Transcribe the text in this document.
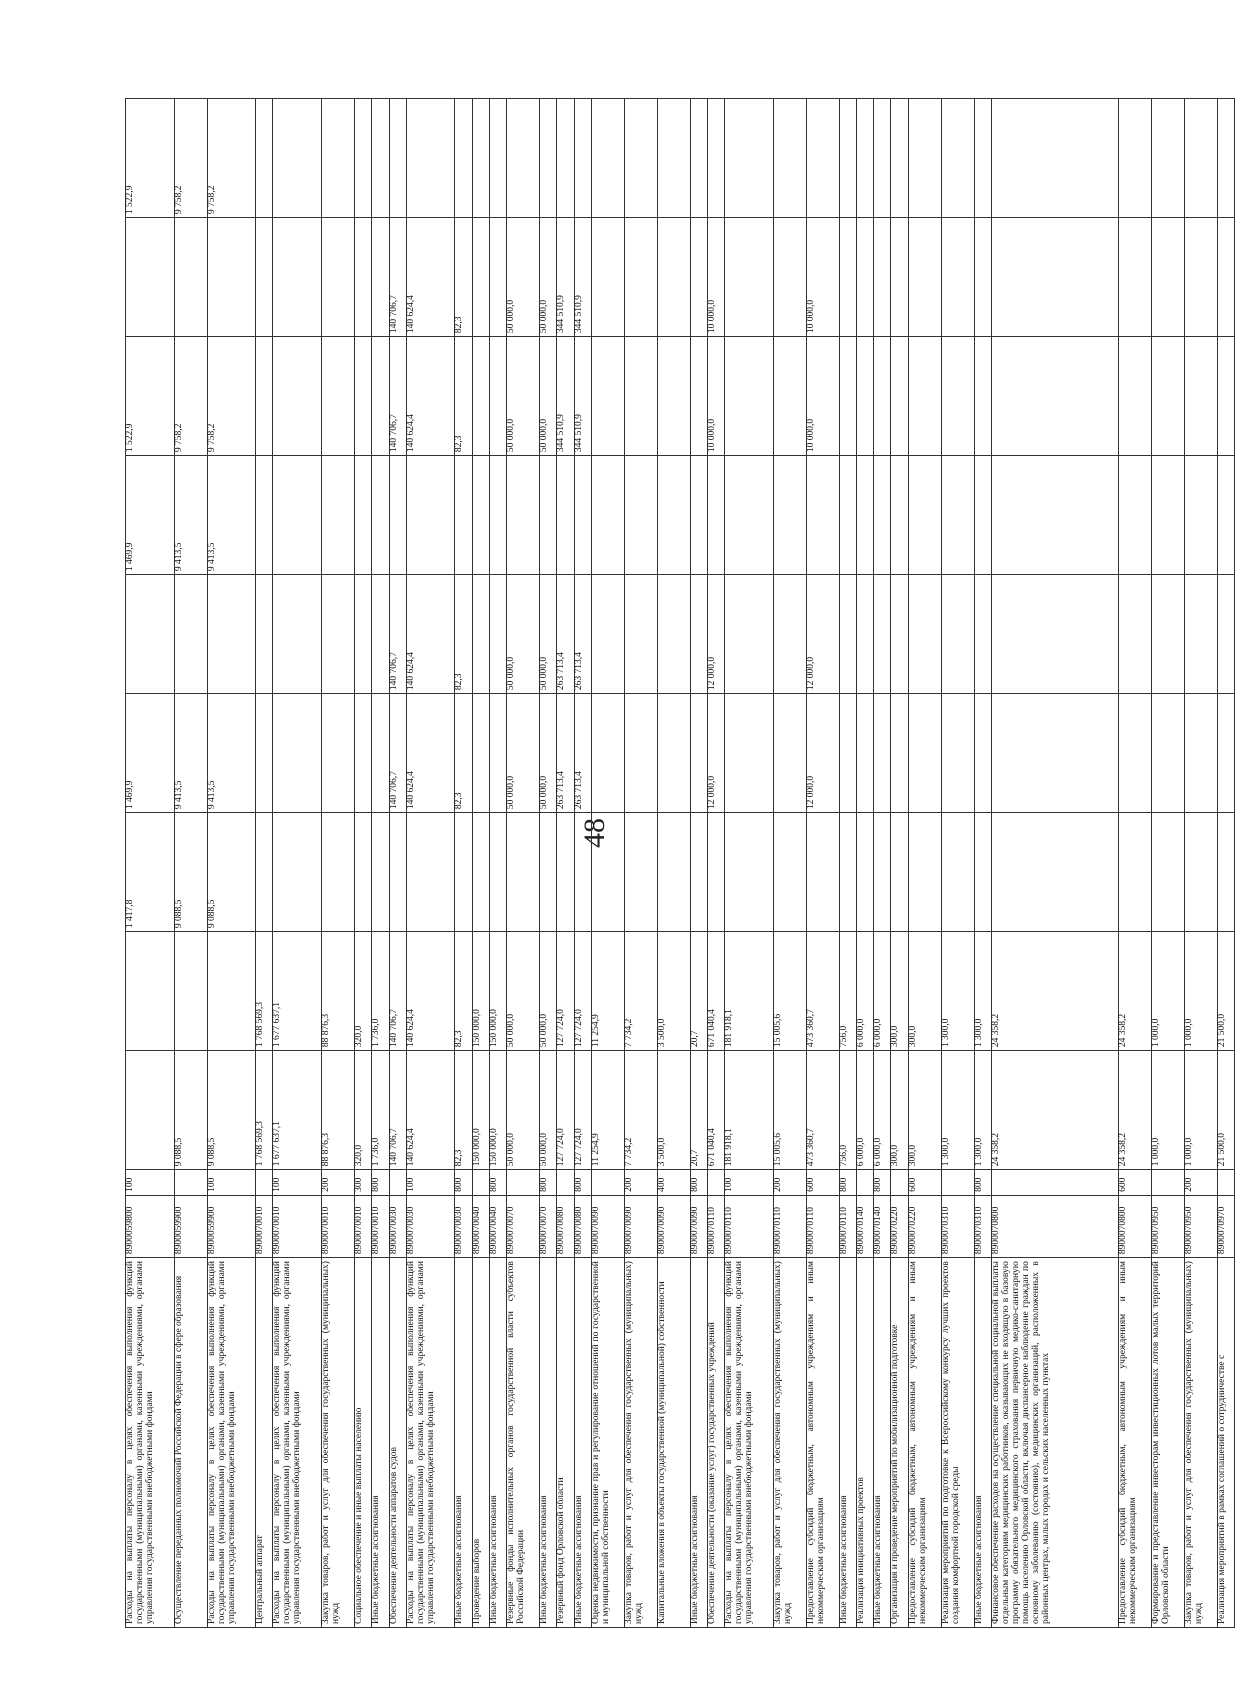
48
Расходы на выплаты персоналу в целях обеспечения выполнения функций государственными (муниципальными) органами, казенными учреждениями, органами управления государственными внебюджетными фондами	8900059800	100			1 417,8	1 469,9		1 469,9	1 522,9		1 522,9
Осуществление переданных полномочий Российской Федерации в сфере образования	8900059900		9 088,5		9 088,5	9 413,5		9 413,5	9 758,2		9 758,2
Расходы на выплаты персоналу в целях обеспечения выполнения функций государственными (муниципальными) органами, казенными учреждениями, органами управления государственными внебюджетными фондами	8900059900	100	9 088,5		9 088,5	9 413,5		9 413,5	9 758,2		9 758,2
Центральный аппарат	8900070010		1 768 569,3	1 768 569,3							
Расходы на выплаты персоналу в целях обеспечения выполнения функций государственными (муниципальными) органами, казенными учреждениями, органами управления государственными внебюджетными фондами	8900070010	100	1 677 637,1	1 677 637,1							
Закупка товаров, работ и услуг для обеспечения государственных (муниципальных) нужд	8900070010	200	88 876,3	88 876,3							
Социальное обеспечение и иные выплаты населению	8900070010	300	320,0	320,0							
Иные бюджетные ассигнования	8900070010	800	1 736,0	1 736,0							
Обеспечение деятельности аппаратов судов	8900070030		140 706,7	140 706,7		140 706,7	140 706,7		140 706,7	140 706,7	
Расходы на выплаты персоналу в целях обеспечения выполнения функций государственными (муниципальными) органами, казенными учреждениями, органами управления государственными внебюджетными фондами	8900070030	100	140 624,4	140 624,4		140 624,4	140 624,4		140 624,4	140 624,4	
Иные бюджетные ассигнования	8900070030	800	82,3	82,3		82,3	82,3		82,3	82,3	
Проведение выборов	8900070040		150 000,0	150 000,0							
Иные бюджетные ассигнования	8900070040	800	150 000,0	150 000,0							
Резервные фонды исполнительных органов государственной власти субъектов Российской Федерации	8900070070		50 000,0	50 000,0		50 000,0	50 000,0		50 000,0	50 000,0	
Иные бюджетные ассигнования	8900070070	800	50 000,0	50 000,0		50 000,0	50 000,0		50 000,0	50 000,0	
Резервный фонд Орловской области	8900070080		127 724,0	127 724,0		263 713,4	263 713,4		344 510,9	344 510,9	
Иные бюджетные ассигнования	8900070080	800	127 724,0	127 724,0		263 713,4	263 713,4		344 510,9	344 510,9	
Оценка недвижимости, признание прав и регулирование отношений по государственной и муниципальной собственности	8900070090		11 254,9	11 254,9							
Закупка товаров, работ и услуг для обеспечения государственных (муниципальных) нужд	8900070090	200	7 734,2	7 734,2							
Капитальные вложения в объекты государственной (муниципальной) собственности	8900070090	400	3 500,0	3 500,0							
Иные бюджетные ассигнования	8900070090	800	20,7	20,7							
Обеспечение деятельности (оказание услуг) государственных учреждений	8900070110		671 040,4	671 040,4		12 000,0	12 000,0		10 000,0	10 000,0	
Расходы на выплаты персоналу в целях обеспечения выполнения функций государственными (муниципальными) органами, казенными учреждениями, органами управления государственными внебюджетными фондами	8900070110	100	181 918,1	181 918,1							
Закупка товаров, работ и услуг для обеспечения государственных (муниципальных) нужд	8900070110	200	15 005,6	15 005,6							
Предоставление субсидий бюджетным, автономным учреждениям и иным некоммерческим организациям	8900070110	600	473 360,7	473 360,7		12 000,0	12 000,0		10 000,0	10 000,0	
Иные бюджетные ассигнования	8900070110	800	756,0	756,0							
Реализация инициативных проектов	8900070140		6 000,0	6 000,0							
Иные бюджетные ассигнования	8900070140	800	6 000,0	6 000,0							
Организация и проведение мероприятий по мобилизационной подготовке	8900070220		300,0	300,0							
Предоставление субсидий бюджетным, автономным учреждениям и иным некоммерческим организациям	8900070220	600	300,0	300,0							
Реализация мероприятий по подготовке к Всероссийскому конкурсу лучших проектов создания комфортной городской среды	8900070310		1 300,0	1 300,0							
Иные бюджетные ассигнования	8900070310	800	1 300,0	1 300,0							
Финансовое обеспечение расходов на осуществление специальной социальной выплаты отдельным категориям медицинских работников, оказывающих не входящую в базовую программу обязательного медицинского страхования первичную медико-санитарную помощь населению Орловской области, включая диспансерное наблюдение граждан по основному заболеванию (состоянию), медицинских организаций, расположенных в районных центрах, малых городах и сельских населенных пунктах	8900070800		24 358,2	24 358,2							
Предоставление субсидий бюджетным, автономным учреждениям и иным некоммерческим организациям	8900070800	600	24 358,2	24 358,2							
Формирование и представление инвесторам инвестиционных лотов малых территорий Орловской области	8900070950		1 000,0	1 000,0							
Закупка товаров, работ и услуг для обеспечения государственных (муниципальных) нужд	8900070950	200	1 000,0	1 000,0							
Реализация мероприятий в рамках соглашений о сотрудничестве с	8900070970		21 500,0	21 500,0							
